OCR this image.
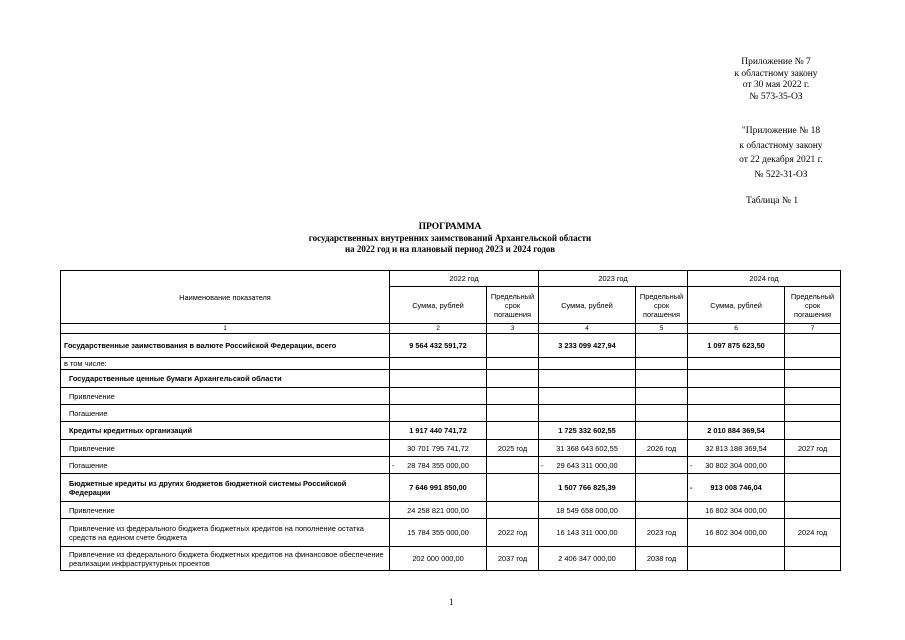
Приложение № 7
к областному закону
от 30 мая 2022 г.
№ 573-35-ОЗ
"Приложение № 18
к областному закону
от 22 декабря 2021 г.
№ 522-31-ОЗ
Таблица № 1
ПРОГРАММА
государственных внутренних заимствований Архангельской области
на 2022 год и на плановый период 2023 и 2024 годов
Наименование показателя	2022 год		2023 год		2024 год	
	Сумма, рублей	Предельный срок погашения	Сумма, рублей	Предельный срок погашения	Сумма, рублей	Предельный срок погашения
1	2	3	4	5	6	7
Государственные заимствования в валюте Российской Федерации, всего	9 564 432 591,72		3 233 099 427,94		1 097 875 623,50	
в том числе:						
Государственные ценные бумаги Архангельской области						
Привлечение						
Погашение						
Кредиты кредитных организаций	1 917 440 741,72		1 725 332 602,55		2 010 884 369,54	
Привлечение	30 701 795 741,72	2025 год	31 368 643 602,55	2026 год	32 813 188 369,54	2027 год
Погашение	- 28 784 355 000,00		- 29 643 311 000,00		- 30 802 304 000,00	
Бюджетные кредиты из других бюджетов бюджетной системы Российской Федерации	7 646 991 850,00		1 507 766 825,39		- 913 008 746,04	
Привлечение	24 258 821 000,00		18 549 658 000,00		16 802 304 000,00	
Привлечение из федерального бюджета бюджетных кредитов на пополнение остатка средств на едином счете бюджета	15 784 355 000,00	2022 год	16 143 311 000,00	2023 год	16 802 304 000,00	2024 год
Привлечение из федерального бюджета бюджетных кредитов на финансовое обеспечение реализации инфраструктурных проектов	202 000 000,00	2037 год	2 406 347 000,00	2038 год		
1
